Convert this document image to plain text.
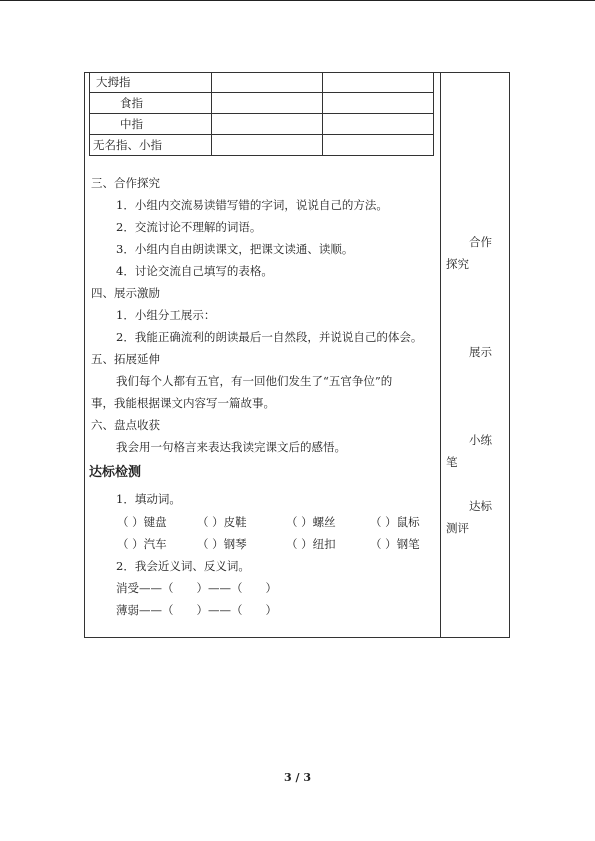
大拇指		
食指		
中指		
无名指、小指		
三、合作探究
1．小组内交流易读错写错的字词，说说自己的方法。
2．交流讨论不理解的词语。
3．小组内自由朗读课文，把课文读通、读顺。
4．讨论交流自己填写的表格。
四、展示激励
1．小组分工展示：
2．我能正确流利的朗读最后一自然段，并说说自己的体会。
五、拓展延伸
我们每个人都有五官，有一回他们发生了“五官争位”的
事，我能根据课文内容写一篇故事。
六、盘点收获
我会用一句格言来表达我读完课文后的感悟。
达标检测
1．填动词。
（ ）键盘	（ ）皮鞋	（ ）螺丝	（ ）鼠标
（ ）汽车	（ ）钢琴	（ ）纽扣	（ ）钢笔
2．我会近义词、反义词。
消受——（　　）——（　　）
薄弱——（　　）——（　　）
合作
探究
展示
小练
笔
达标
测评
3 / 3
